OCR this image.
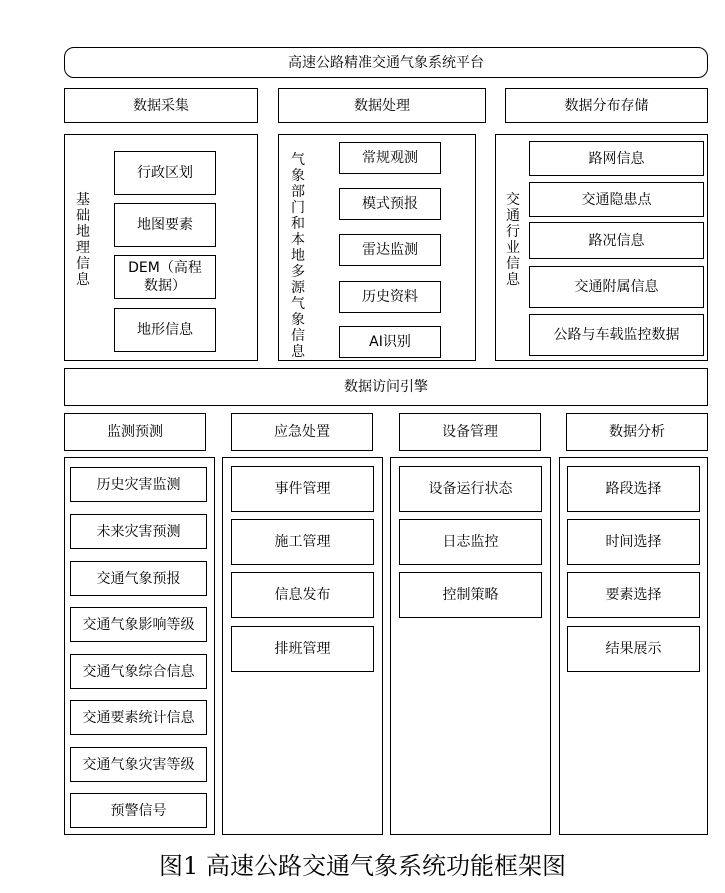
高速公路精准交通气象系统平台
数据采集	数据处理	数据分布存储
基础地理信息
行政区划
地图要素
DEM（高程数据）
地形信息
气象部门和本地多源气象信息
常规观测
模式预报
雷达监测
历史资料
AI识别
交通行业信息
路网信息
交通隐患点
路况信息
交通附属信息
公路与车载监控数据
数据访问引擎
监测预测	应急处置	设备管理	数据分析
历史灾害监测
未来灾害预测
交通气象预报
交通气象影响等级
交通气象综合信息
交通要素统计信息
交通气象灾害等级
预警信号
事件管理
施工管理
信息发布
排班管理
设备运行状态
日志监控
控制策略
路段选择
时间选择
要素选择
结果展示
图1 高速公路交通气象系统功能框架图
